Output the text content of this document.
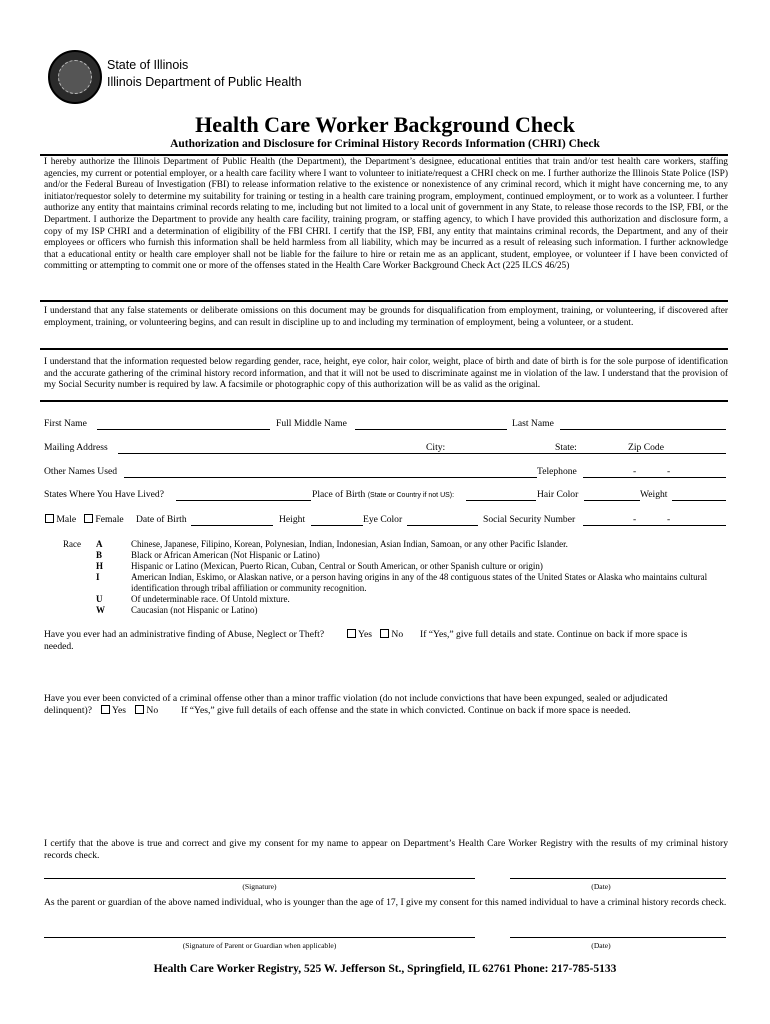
State of Illinois
Illinois Department of Public Health
Health Care Worker Background Check
Authorization and Disclosure for Criminal History Records Information (CHRI) Check
I hereby authorize the Illinois Department of Public Health (the Department), the Department’s designee, educational entities that train and/or test health care workers, staffing agencies, my current or potential employer, or a health care facility where I want to volunteer to initiate/request a CHRI check on me. I further authorize the Illinois State Police (ISP) and/or the Federal Bureau of Investigation (FBI) to release information relative to the existence or nonexistence of any criminal record, which it might have concerning me, to any initiator/requestor solely to determine my suitability for training or testing in a health care training program, employment, continued employment, or to work as a volunteer. I further authorize any entity that maintains criminal records relating to me, including but not limited to a local unit of government in any State, to release those records to the ISP, FBI, or the Department. I authorize the Department to provide any health care facility, training program, or staffing agency, to which I have provided this authorization and disclosure form, a copy of my ISP CHRI and a determination of eligibility of the FBI CHRI. I certify that the ISP, FBI, any entity that maintains criminal records, the Department, and any of their employees or officers who furnish this information shall be held harmless from all liability, which may be incurred as a result of releasing such information. I further acknowledge that a educational entity or health care employer shall not be liable for the failure to hire or retain me as an applicant, student, employee, or volunteer if I have been convicted of committing or attempting to commit one or more of the offenses stated in the Health Care Worker Background Check Act (225 ILCS 46/25)
I understand that any false statements or deliberate omissions on this document may be grounds for disqualification from employment, training, or volunteering, if discovered after employment, training, or volunteering begins, and can result in discipline up to and including my termination of employment, being a volunteer, or a student.
I understand that the information requested below regarding gender, race, height, eye color, hair color, weight, place of birth and date of birth is for the sole purpose of identification and the accurate gathering of the criminal history record information, and that it will not be used to discriminate against me in violation of the law. I understand that the provision of my Social Security number is required by law. A facsimile or photographic copy of this authorization will be as valid as the original.
First Name	Full Middle Name	Last Name
Mailing Address	City:	State:	Zip Code
Other Names Used	Telephone	-	-
States Where You Have Lived?	Place of Birth (State or Country if not US):	Hair Color	Weight
Male	Female Date of Birth	Height	Eye Color	Social Security Number	-	-
Race A	Chinese, Japanese, Filipino, Korean, Polynesian, Indian, Indonesian, Asian Indian, Samoan, or any other Pacific Islander.
B	Black or African American (Not Hispanic or Latino)
H	Hispanic or Latino (Mexican, Puerto Rican, Cuban, Central or South American, or other Spanish culture or origin)
I	American Indian, Eskimo, or Alaskan native, or a person having origins in any of the 48 contiguous states of the United States or Alaska who maintains cultural identification through tribal affiliation or community recognition.
U	Of undeterminable race. Of Untold mixture.
W	Caucasian (not Hispanic or Latino)
Have you ever had an administrative finding of Abuse, Neglect or Theft?	Yes	No If “Yes,” give full details and state. Continue on back if more space is
needed.
Have you ever been convicted of a criminal offense other than a minor traffic violation (do not include convictions that have been expunged, sealed or adjudicated
delinquent)?	Yes	No If “Yes,” give full details of each offense and the state in which convicted. Continue on back if more space is needed.
I certify that the above is true and correct and give my consent for my name to appear on Department’s Health Care Worker Registry with the results of my criminal history records check.
(Signature)	(Date)
As the parent or guardian of the above named individual, who is younger than the age of 17, I give my consent for this named individual to have a criminal history records check.
(Signature of Parent or Guardian when applicable)	(Date)
Health Care Worker Registry, 525 W. Jefferson St., Springfield, IL 62761 Phone: 217-785-5133
